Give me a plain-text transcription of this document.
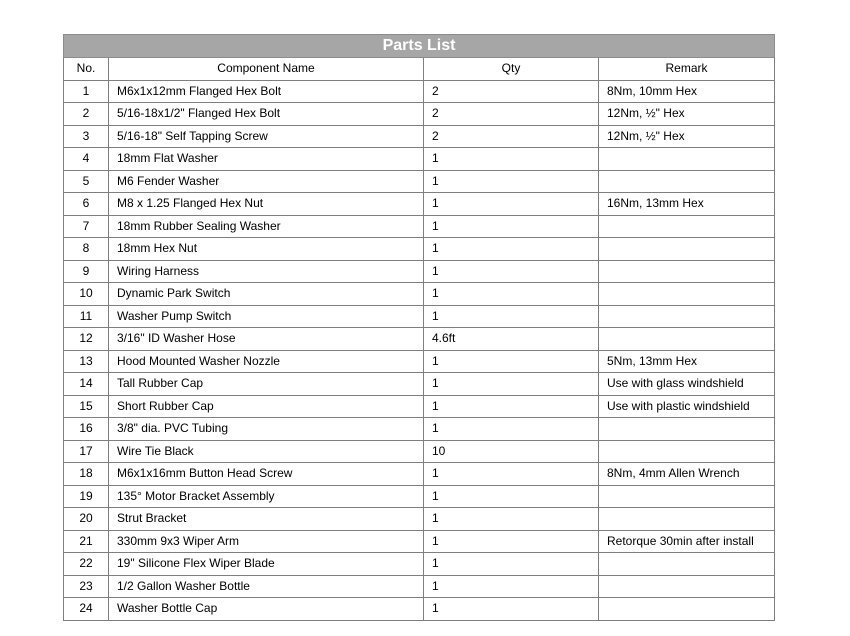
Parts List			
No.	Component Name	Qty	Remark
1	M6x1x12mm Flanged Hex Bolt	2	8Nm, 10mm Hex
2	5/16-18x1/2" Flanged Hex Bolt	2	12Nm, ½" Hex
3	5/16-18" Self Tapping Screw	2	12Nm, ½" Hex
4	18mm Flat Washer	1	
5	M6 Fender Washer	1	
6	M8 x 1.25 Flanged Hex Nut	1	16Nm, 13mm Hex
7	18mm Rubber Sealing Washer	1	
8	18mm Hex Nut	1	
9	Wiring Harness	1	
10	Dynamic Park Switch	1	
11	Washer Pump Switch	1	
12	3/16" ID Washer Hose	4.6ft	
13	Hood Mounted Washer Nozzle	1	5Nm, 13mm Hex
14	Tall Rubber Cap	1	Use with glass windshield
15	Short Rubber Cap	1	Use with plastic windshield
16	3/8" dia. PVC Tubing	1	
17	Wire Tie Black	10	
18	M6x1x16mm Button Head Screw	1	8Nm, 4mm Allen Wrench
19	135° Motor Bracket Assembly	1	
20	Strut Bracket	1	
21	330mm 9x3 Wiper Arm	1	Retorque 30min after install
22	19" Silicone Flex Wiper Blade	1	
23	1/2 Gallon Washer Bottle	1	
24	Washer Bottle Cap	1	
